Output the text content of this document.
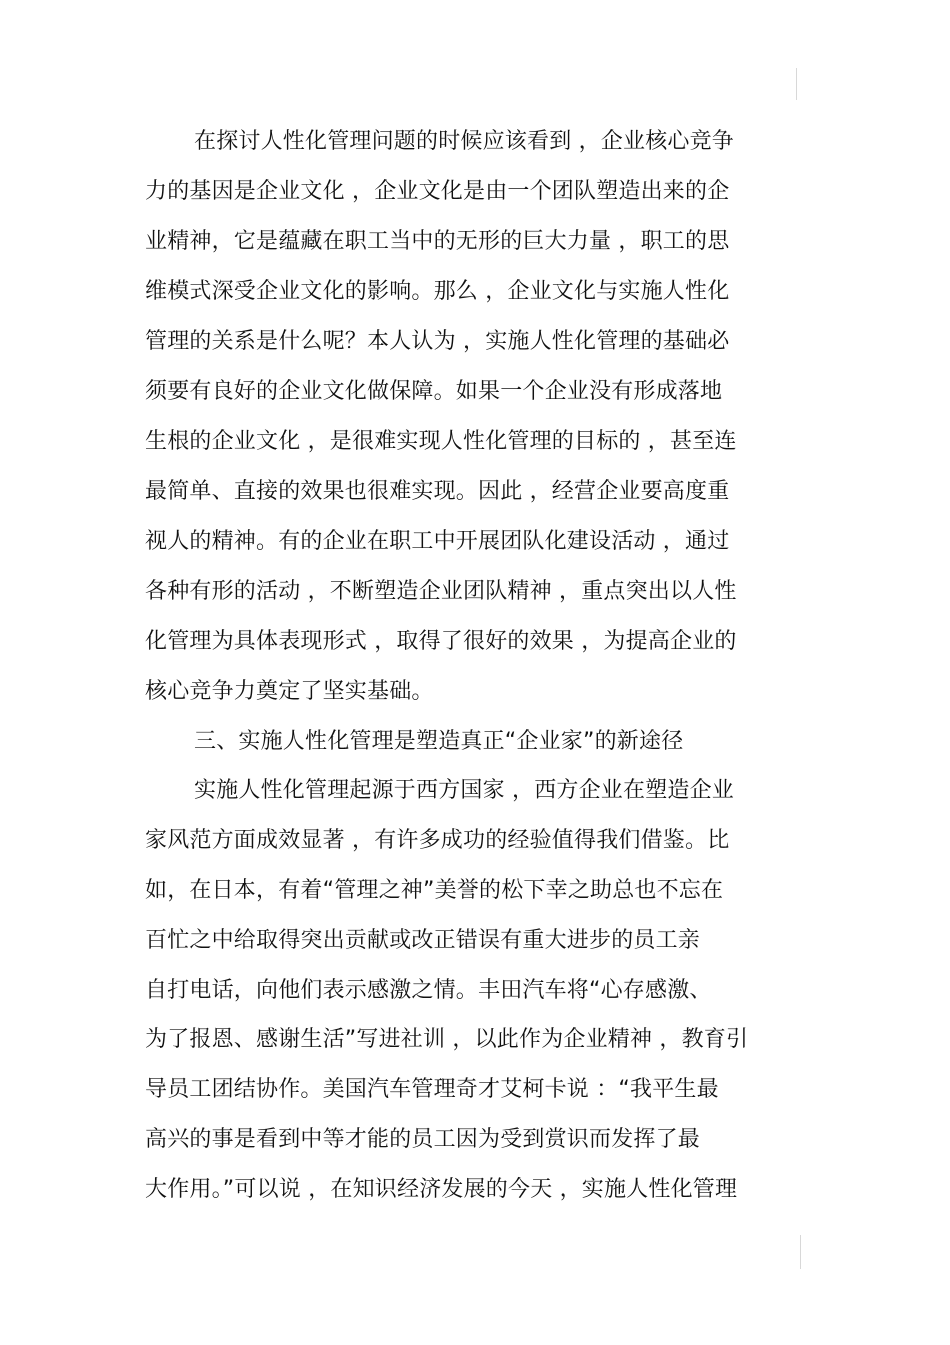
在探讨人性化管理问题的时候应该看到 ，企业核心竞争
力的基因是企业文化 ，企业文化是由一个团队塑造出来的企
业精神，它是蕴藏在职工当中的无形的巨大力量 ，职工的思
维模式深受企业文化的影响。那么 ，企业文化与实施人性化
管理的关系是什么呢？本人认为 ，实施人性化管理的基础必
须要有良好的企业文化做保障。如果一个企业没有形成落地
生根的企业文化 ，是很难实现人性化管理的目标的 ，甚至连
最简单、直接的效果也很难实现。因此 ，经营企业要高度重
视人的精神。有的企业在职工中开展团队化建设活动 ，通过
各种有形的活动 ，不断塑造企业团队精神 ，重点突出以人性
化管理为具体表现形式 ，取得了很好的效果 ，为提高企业的
核心竞争力奠定了坚实基础。
三、实施人性化管理是塑造真正“企业家”的新途径
实施人性化管理起源于西方国家 ，西方企业在塑造企业
家风范方面成效显著 ，有许多成功的经验值得我们借鉴。比
如，在日本，有着“管理之神”美誉的松下幸之助总也不忘在
百忙之中给取得突出贡献或改正错误有重大进步的员工亲
自打电话，向他们表示感激之情。丰田汽车将“心存感激、
为了报恩、感谢生活”写进社训 ，以此作为企业精神 ，教育引
导员工团结协作。美国汽车管理奇才艾柯卡说 ：“我平生最
高兴的事是看到中等才能的员工因为受到赏识而发挥了最
大作用。”可以说 ，在知识经济发展的今天 ，实施人性化管理
